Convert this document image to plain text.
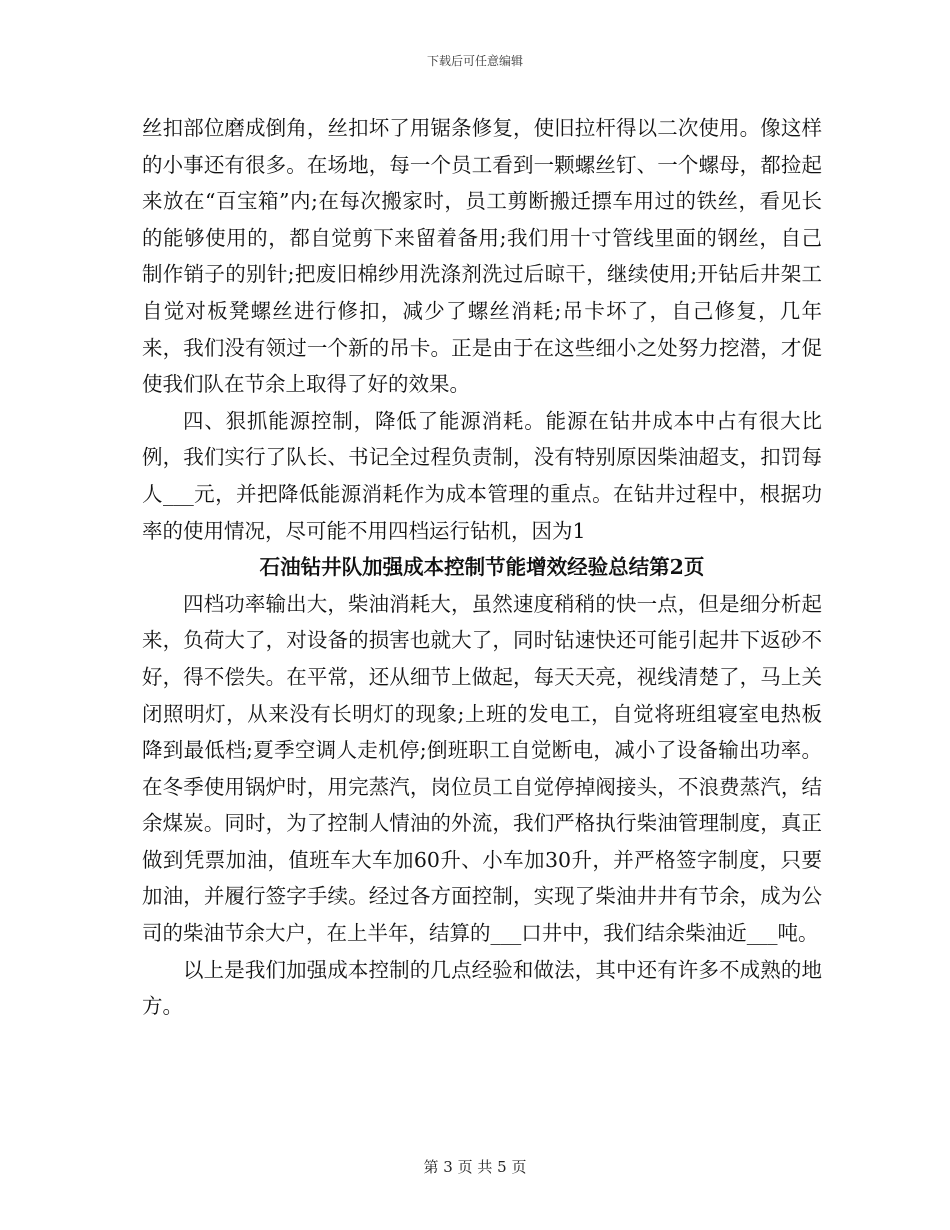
下载后可任意编辑

丝扣部位磨成倒角，丝扣坏了用锯条修复，使旧拉杆得以二次使用。像这样的小事还有很多。在场地，每一个员工看到一颗螺丝钉、一个螺母，都捡起来放在“百宝箱”内;在每次搬家时，员工剪断搬迁摽车用过的铁丝，看见长的能够使用的，都自觉剪下来留着备用;我们用十寸管线里面的钢丝，自己制作销子的别针;把废旧棉纱用洗涤剂洗过后晾干，继续使用;开钻后井架工自觉对板凳螺丝进行修扣，减少了螺丝消耗;吊卡坏了，自己修复，几年来，我们没有领过一个新的吊卡。正是由于在这些细小之处努力挖潜，才促使我们队在节余上取得了好的效果。

四、狠抓能源控制，降低了能源消耗。能源在钻井成本中占有很大比例，我们实行了队长、书记全过程负责制，没有特别原因柴油超支，扣罚每人___元，并把降低能源消耗作为成本管理的重点。在钻井过程中，根据功率的使用情况，尽可能不用四档运行钻机，因为1

石油钻井队加强成本控制节能增效经验总结第2页

四档功率输出大，柴油消耗大，虽然速度稍稍的快一点，但是细分析起来，负荷大了，对设备的损害也就大了，同时钻速快还可能引起井下返砂不好，得不偿失。在平常，还从细节上做起，每天天亮，视线清楚了，马上关闭照明灯，从来没有长明灯的现象;上班的发电工，自觉将班组寝室电热板降到最低档;夏季空调人走机停;倒班职工自觉断电，减小了设备输出功率。在冬季使用锅炉时，用完蒸汽，岗位员工自觉停掉阀接头，不浪费蒸汽，结余煤炭。同时，为了控制人情油的外流，我们严格执行柴油管理制度，真正做到凭票加油，值班车大车加60升、小车加30升，并严格签字制度，只要加油，并履行签字手续。经过各方面控制，实现了柴油井井有节余，成为公司的柴油节余大户，在上半年，结算的___口井中，我们结余柴油近___吨。

以上是我们加强成本控制的几点经验和做法，其中还有许多不成熟的地方。

第 3 页 共 5 页
